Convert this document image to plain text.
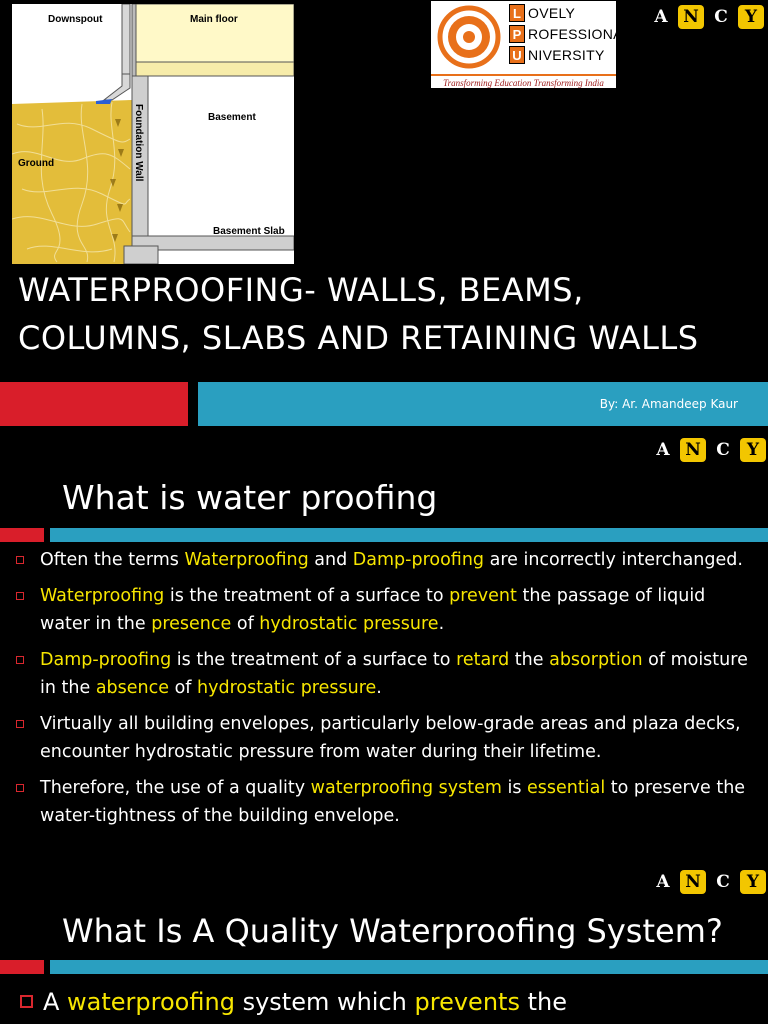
Downspout	Main floor
Basement
Ground
Basement Slab
Foundation Wall
L OVELY
P ROFESSIONAL
U NIVERSITY
Transforming Education Transforming India
A N C	Y
WATERPROOFING- WALLS, BEAMS,
COLUMNS, SLABS AND RETAINING WALLS
By: Ar. Amandeep Kaur
A N C	Y
What is water proofing
Often the terms Waterproofing and Damp-proofing are incorrectly interchanged.
Waterproofing is the treatment of a surface to prevent the passage of liquid water in the presence of hydrostatic pressure.
Damp-proofing is the treatment of a surface to retard the absorption of moisture in the absence of hydrostatic pressure.
Virtually all building envelopes, particularly below-grade areas and plaza decks, encounter hydrostatic pressure from water during their lifetime.
Therefore, the use of a quality waterproofing system is essential to preserve the water-tightness of the building envelope.
A N C	Y
What Is A Quality Waterproofing System?
A waterproofing system which prevents the
